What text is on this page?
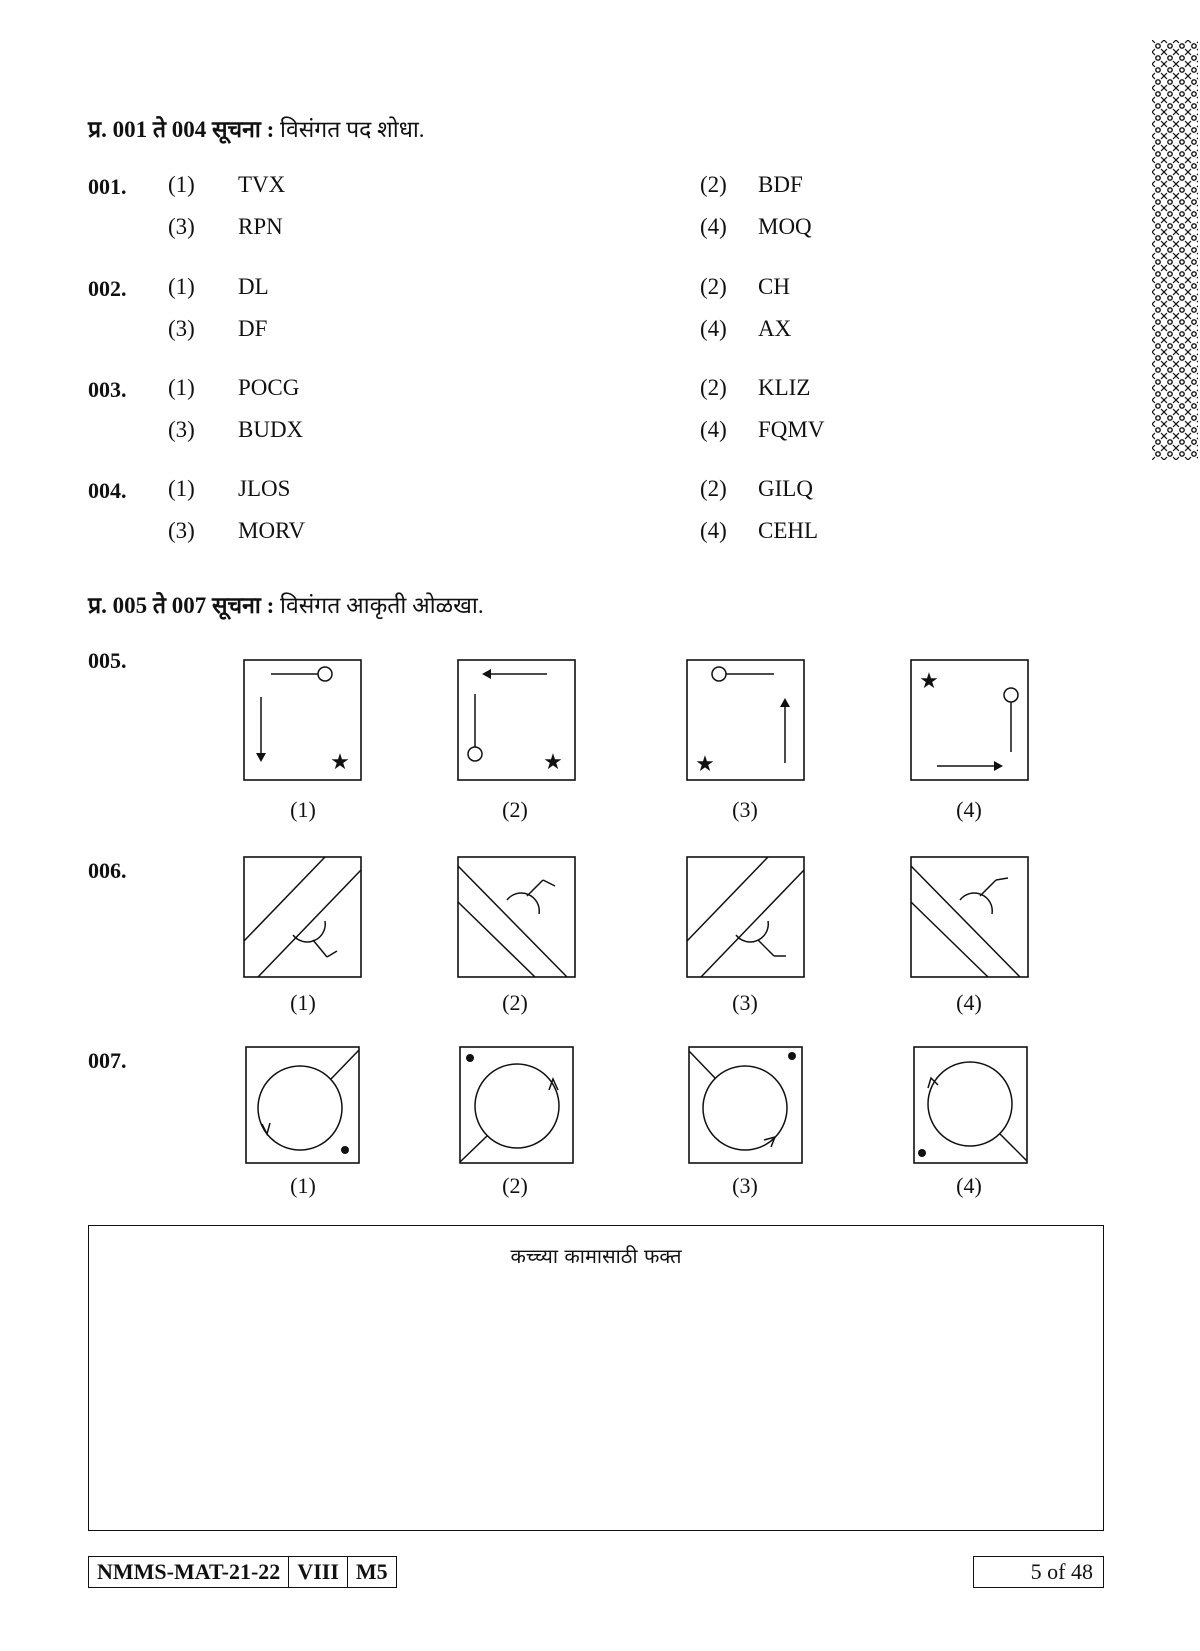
प्र. 001 ते 004 सूचना : विसंगत पद शोधा.
001. (1) TVX	(2) BDF
(3) RPN	(4) MOQ
002. (1) DL	(2) CH
(3) DF	(4) AX
003. (1) POCG	(2) KLIZ
(3) BUDX	(4) FQMV
004. (1) JLOS	(2) GILQ
(3) MORV	(4) CEHL
प्र. 005 ते 007 सूचना : विसंगत आकृती ओळखा.
005.
006.
007.
★	★	★
★
(1)	(2)	(3)	(4)
(1)	(2)	(3)	(4)
(1)	(2)	(3)	(4)
कच्च्या कामासाठी फक्त
NMMS-MAT-21-22 VIII M5	5 of 48
